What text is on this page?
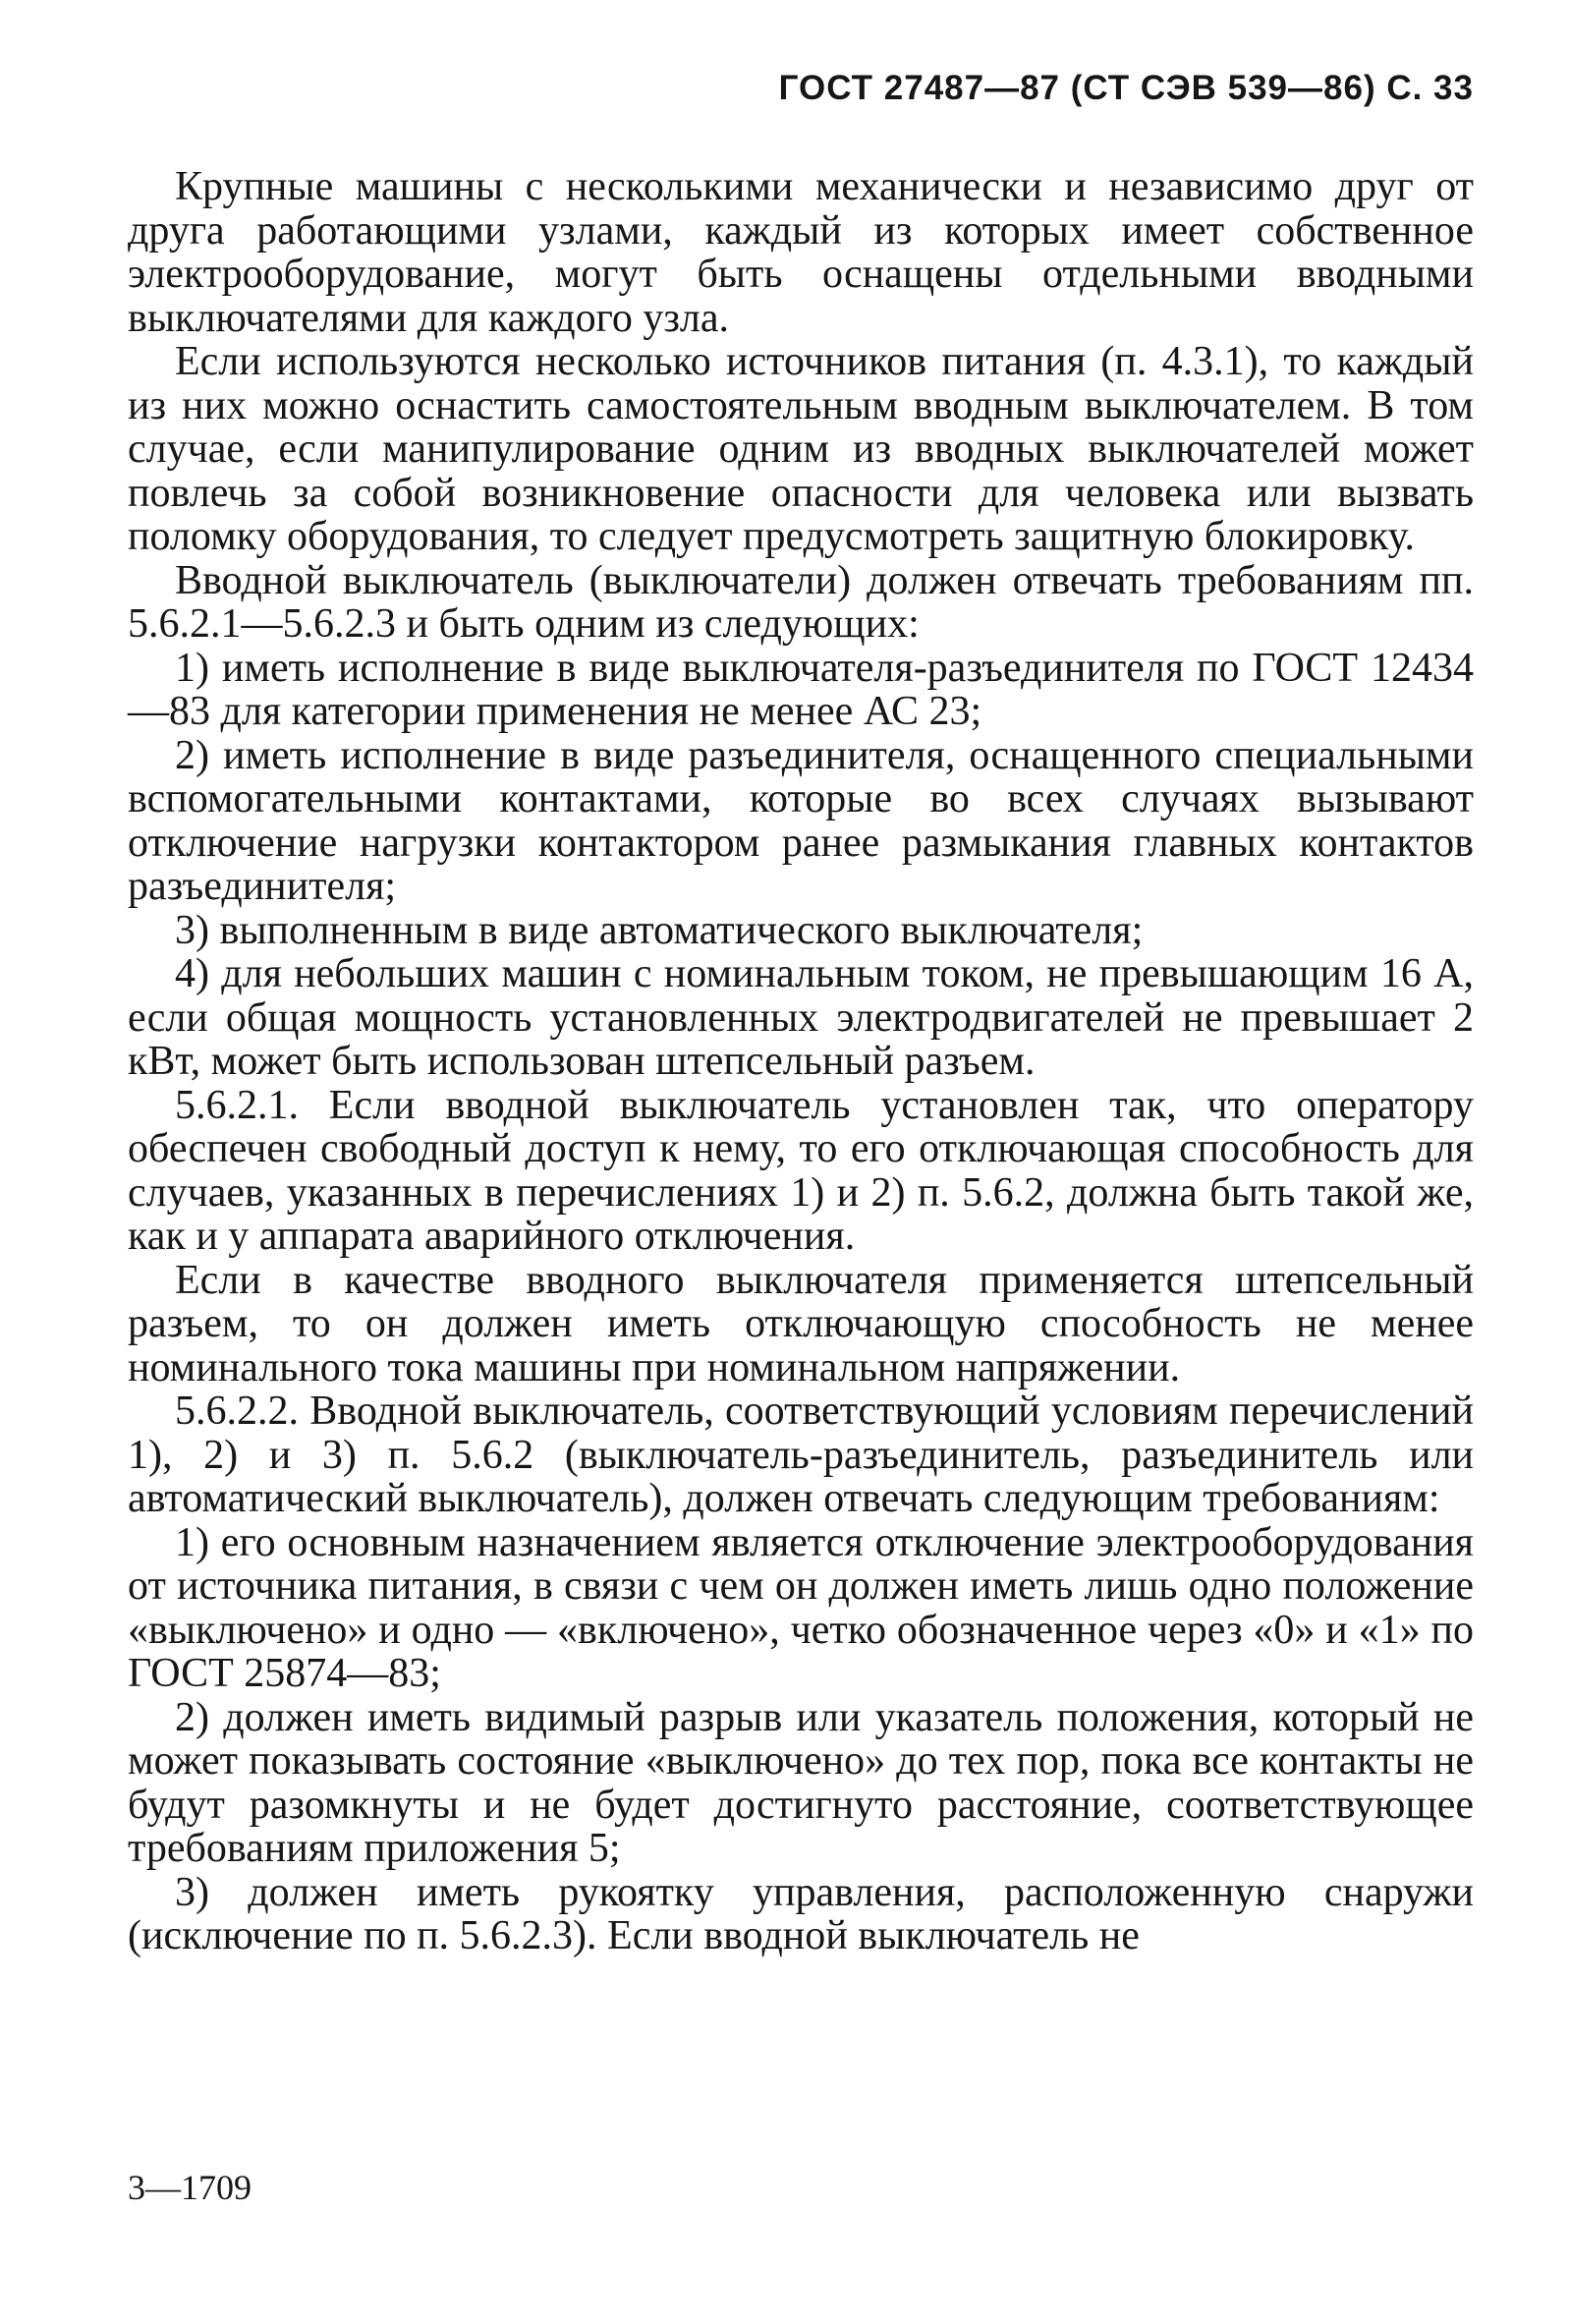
ГОСТ 27487—87 (СТ СЭВ 539—86) С. 33

Крупные машины с несколькими механически и независимо друг от друга работающими узлами, каждый из которых имеет собственное электрооборудование, могут быть оснащены отдельными вводными выключателями для каждого узла.

Если используются несколько источников питания (п. 4.3.1), то каждый из них можно оснастить самостоятельным вводным выключателем. В том случае, если манипулирование одним из вводных выключателей может повлечь за собой возникновение опасности для человека или вызвать поломку оборудования, то следует предусмотреть защитную блокировку.

Вводной выключатель (выключатели) должен отвечать требованиям пп. 5.6.2.1—5.6.2.3 и быть одним из следующих:

1) иметь исполнение в виде выключателя-разъединителя по ГОСТ 12434—83 для категории применения не менее АС 23;

2) иметь исполнение в виде разъединителя, оснащенного специальными вспомогательными контактами, которые во всех случаях вызывают отключение нагрузки контактором ранее размыкания главных контактов разъединителя;

3) выполненным в виде автоматического выключателя;

4) для небольших машин с номинальным током, не превышающим 16 А, если общая мощность установленных электродвигателей не превышает 2 кВт, может быть использован штепсельный разъем.

5.6.2.1. Если вводной выключатель установлен так, что оператору обеспечен свободный доступ к нему, то его отключающая способность для случаев, указанных в перечислениях 1) и 2) п. 5.6.2, должна быть такой же, как и у аппарата аварийного отключения.

Если в качестве вводного выключателя применяется штепсельный разъем, то он должен иметь отключающую способность не менее номинального тока машины при номинальном напряжении.

5.6.2.2. Вводной выключатель, соответствующий условиям перечислений 1), 2) и 3) п. 5.6.2 (выключатель-разъединитель, разъединитель или автоматический выключатель), должен отвечать следующим требованиям:

1) его основным назначением является отключение электрооборудования от источника питания, в связи с чем он должен иметь лишь одно положение «выключено» и одно — «включено», четко обозначенное через «0» и «1» по ГОСТ 25874—83;

2) должен иметь видимый разрыв или указатель положения, который не может показывать состояние «выключено» до тех пор, пока все контакты не будут разомкнуты и не будет достигнуто расстояние, соответствующее требованиям приложения 5;

3) должен иметь рукоятку управления, расположенную снаружи (исключение по п. 5.6.2.3). Если вводной выключатель не

3—1709
